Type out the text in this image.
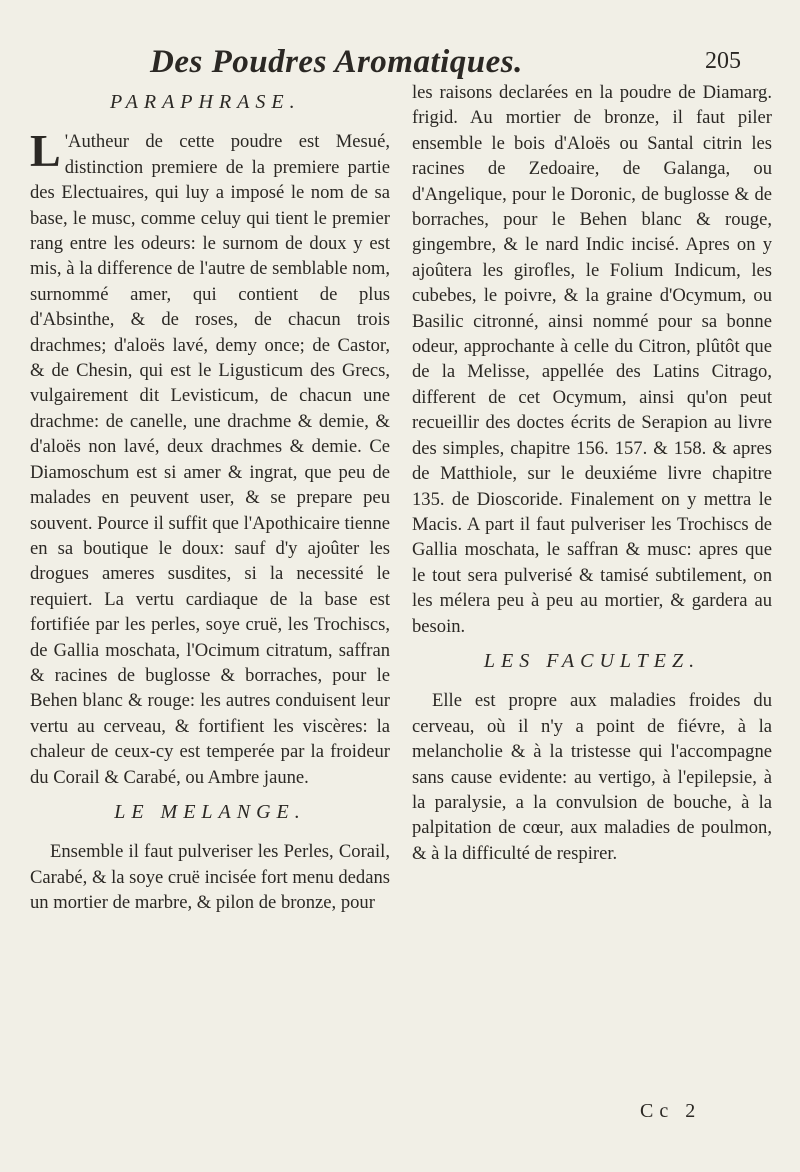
Des Poudres Aromatiques.	205
PARAPHRASE.

L 'Autheur de cette poudre est Mesué, distinction premiere de la premiere partie des Electuaires, qui luy a imposé le nom de sa base, le musc, comme celuy qui tient le premier rang entre les odeurs: le surnom de doux y est mis, à la difference de l'autre de semblable nom, surnommé amer, qui contient de plus d'Absinthe, & de roses, de chacun trois drachmes; d'aloës lavé, demy once; de Castor, & de Chesin, qui est le Ligusticum des Grecs, vulgairement dit Levisticum, de chacun une drachme: de canelle, une drachme & demie, & d'aloës non lavé, deux drachmes & demie. Ce Diamoschum est si amer & ingrat, que peu de malades en peuvent user, & se prepare peu souvent. Pource il suffit que l'Apothicaire tienne en sa boutique le doux: sauf d'y ajoûter les drogues ameres susdites, si la necessité le requiert. La vertu cardiaque de la base est fortifiée par les perles, soye cruë, les Trochiscs, de Gallia moschata, l'Ocimum citratum, saffran & racines de buglosse & borraches, pour le Behen blanc & rouge: les autres conduisent leur vertu au cerveau, & fortifient les viscères: la chaleur de ceux-cy est temperée par la froideur du Corail & Carabé, ou Ambre jaune.

LE MELANGE.

Ensemble il faut pulveriser les Perles, Corail, Carabé, & la soye cruë incisée fort menu dedans un mortier de marbre, & pilon de bronze, pour

les raisons declarées en la poudre de Diamarg. frigid. Au mortier de bronze, il faut piler ensemble le bois d'Aloës ou Santal citrin les racines de Zedoaire, de Galanga, ou d'Angelique, pour le Doronic, de buglosse & de borraches, pour le Behen blanc & rouge, gingembre, & le nard Indic incisé. Apres on y ajoûtera les girofles, le Folium Indicum, les cubebes, le poivre, & la graine d'Ocymum, ou Basilic citronné, ainsi nommé pour sa bonne odeur, approchante à celle du Citron, plûtôt que de la Melisse, appellée des Latins Citrago, different de cet Ocymum, ainsi qu'on peut recueillir des doctes écrits de Serapion au livre des simples, chapitre 156. 157. & 158. & apres de Matthiole, sur le deuxiéme livre chapitre 135. de Dioscoride. Finalement on y mettra le Macis. A part il faut pulveriser les Trochiscs de Gallia moschata, le saffran & musc: apres que le tout sera pulverisé & tamisé subtilement, on les mélera peu à peu au mortier, & gardera au besoin.

LES FACULTEZ.

Elle est propre aux maladies froides du cerveau, où il n'y a point de fiévre, à la melancholie & à la tristesse qui l'accompagne sans cause evidente: au vertigo, à l'epilepsie, à la paralysie, a la convulsion de bouche, à la palpitation de cœur, aux maladies de poulmon, & à la difficulté de respirer.

Cc 2
